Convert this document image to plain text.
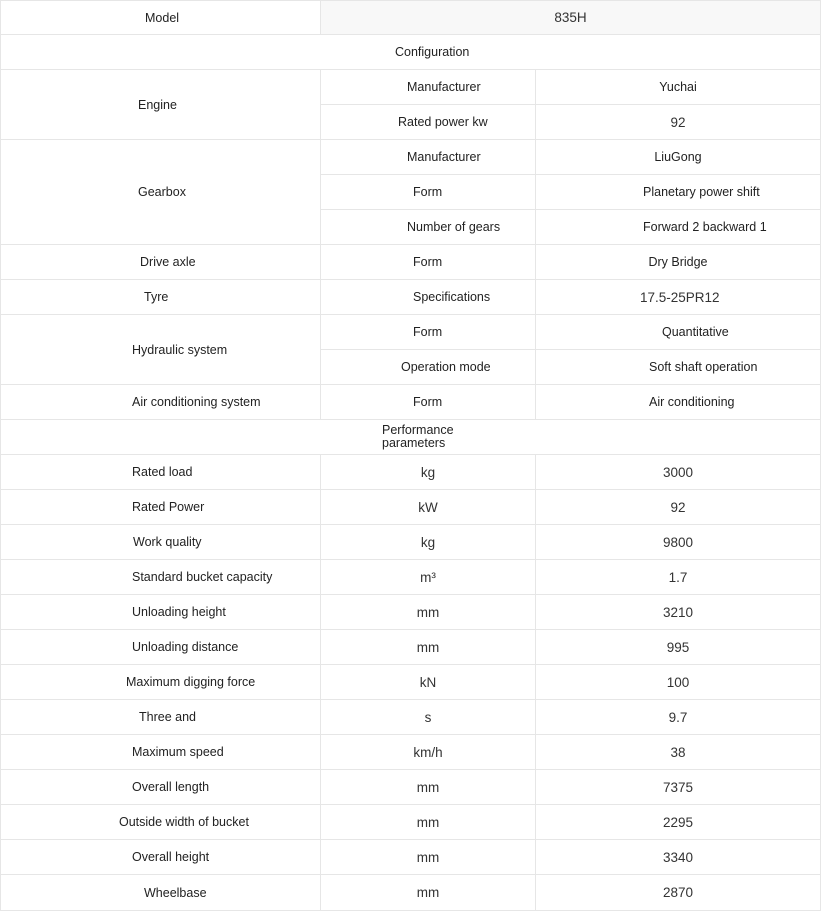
Model	835H	
Configuration		
Engine	Manufacturer	Yuchai
	Rated power kw	92
Gearbox	Manufacturer	LiuGong
	Form	Planetary power shift
	Number of gears	Forward 2 backward 1
Drive axle	Form	Dry Bridge
Tyre	Specifications	17.5-25PR12
Hydraulic system	Form	Quantitative
	Operation mode	Soft shaft operation
Air conditioning system	Form	Air conditioning
Performance parameters		
Rated load	kg	3000
Rated Power	kW	92
Work quality	kg	9800
Standard bucket capacity	m³	1.7
Unloading height	mm	3210
Unloading distance	mm	995
Maximum digging force	kN	100
Three and	s	9.7
Maximum speed	km/h	38
Overall length	mm	7375
Outside width of bucket	mm	2295
Overall height	mm	3340
Wheelbase	mm	2870
